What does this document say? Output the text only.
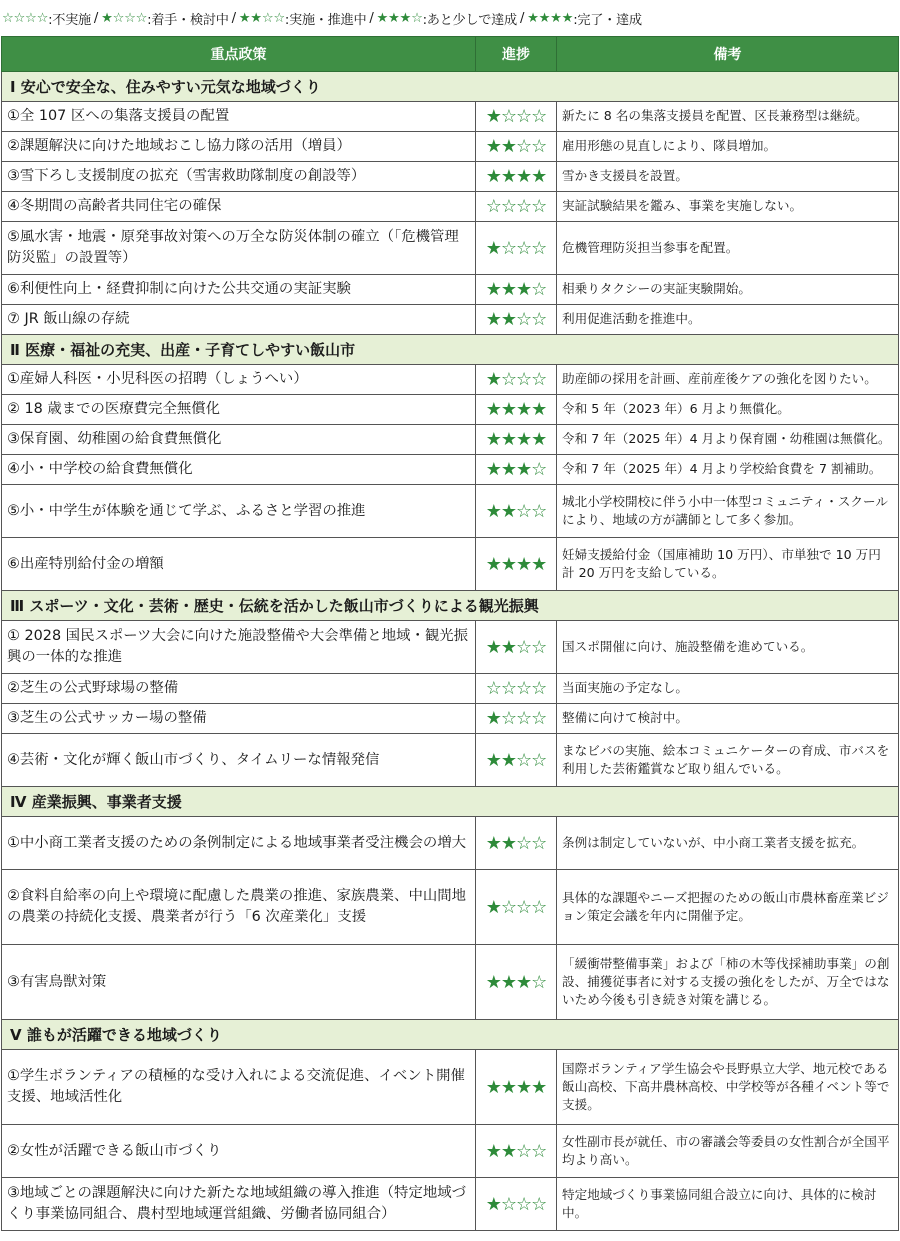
☆☆☆☆ :不実施 / ★☆☆☆ :着手・検討中 / ★★☆☆ :実施・推進中 / ★★★☆ :あと少しで達成 / ★★★★ :完了・達成
重点政策	進捗	備考
Ⅰ 安心で安全な、住みやすい元気な地域づくり		
①全 107 区への集落支援員の配置	★☆☆☆	新たに 8 名の集落支援員を配置、区長兼務型は継続。
②課題解決に向けた地域おこし協力隊の活用（増員）	★★☆☆	雇用形態の見直しにより、隊員増加。
③雪下ろし支援制度の拡充（雪害救助隊制度の創設等）	★★★★	雪かき支援員を設置。
④冬期間の高齢者共同住宅の確保	☆☆☆☆	実証試験結果を鑑み、事業を実施しない。
⑤風水害・地震・原発事故対策への万全な防災体制の確立（「危機管理防災監」の設置等）	★☆☆☆	危機管理防災担当参事を配置。
⑥利便性向上・経費抑制に向けた公共交通の実証実験	★★★☆	相乗りタクシーの実証実験開始。
⑦ JR 飯山線の存続	★★☆☆	利用促進活動を推進中。
Ⅱ 医療・福祉の充実、出産・子育てしやすい飯山市		
①産婦人科医・小児科医の招聘（しょうへい）	★☆☆☆	助産師の採用を計画、産前産後ケアの強化を図りたい。
② 18 歳までの医療費完全無償化	★★★★	令和 5 年（2023 年）6 月より無償化。
③保育園、幼稚園の給食費無償化	★★★★	令和 7 年（2025 年）4 月より保育園・幼稚園は無償化。
④小・中学校の給食費無償化	★★★☆	令和 7 年（2025 年）4 月より学校給食費を 7 割補助。
⑤小・中学生が体験を通じて学ぶ、ふるさと学習の推進	★★☆☆	城北小学校開校に伴う小中一体型コミュニティ・スクールにより、地域の方が講師として多く参加。
⑥出産特別給付金の増額	★★★★	妊婦支援給付金（国庫補助 10 万円）、市単独で 10 万円計 20 万円を支給している。
Ⅲ スポーツ・文化・芸術・歴史・伝統を活かした飯山市づくりによる観光振興		
① 2028 国民スポーツ大会に向けた施設整備や大会準備と地域・観光振興の一体的な推進	★★☆☆	国スポ開催に向け、施設整備を進めている。
②芝生の公式野球場の整備	☆☆☆☆	当面実施の予定なし。
③芝生の公式サッカー場の整備	★☆☆☆	整備に向けて検討中。
④芸術・文化が輝く飯山市づくり、タイムリーな情報発信	★★☆☆	まなビバの実施、絵本コミュニケーターの育成、市バスを利用した芸術鑑賞など取り組んでいる。
Ⅳ 産業振興、事業者支援		
①中小商工業者支援のための条例制定による地域事業者受注機会の増大	★★☆☆	条例は制定していないが、中小商工業者支援を拡充。
②食料自給率の向上や環境に配慮した農業の推進、家族農業、中山間地の農業の持続化支援、農業者が行う「6 次産業化」支援	★☆☆☆	具体的な課題やニーズ把握のための飯山市農林畜産業ビジョン策定会議を年内に開催予定。
③有害鳥獣対策	★★★☆	「緩衝帯整備事業」および「柿の木等伐採補助事業」の創設、捕獲従事者に対する支援の強化をしたが、万全ではないため今後も引き続き対策を講じる。
Ⅴ 誰もが活躍できる地域づくり		
①学生ボランティアの積極的な受け入れによる交流促進、イベント開催支援、地域活性化	★★★★	国際ボランティア学生協会や長野県立大学、地元校である飯山高校、下高井農林高校、中学校等が各種イベント等で支援。
②女性が活躍できる飯山市づくり	★★☆☆	女性副市長が就任、市の審議会等委員の女性割合が全国平均より高い。
③地域ごとの課題解決に向けた新たな地域組織の導入推進（特定地域づくり事業協同組合、農村型地域運営組織、労働者協同組合）	★☆☆☆	特定地域づくり事業協同組合設立に向け、具体的に検討中。
